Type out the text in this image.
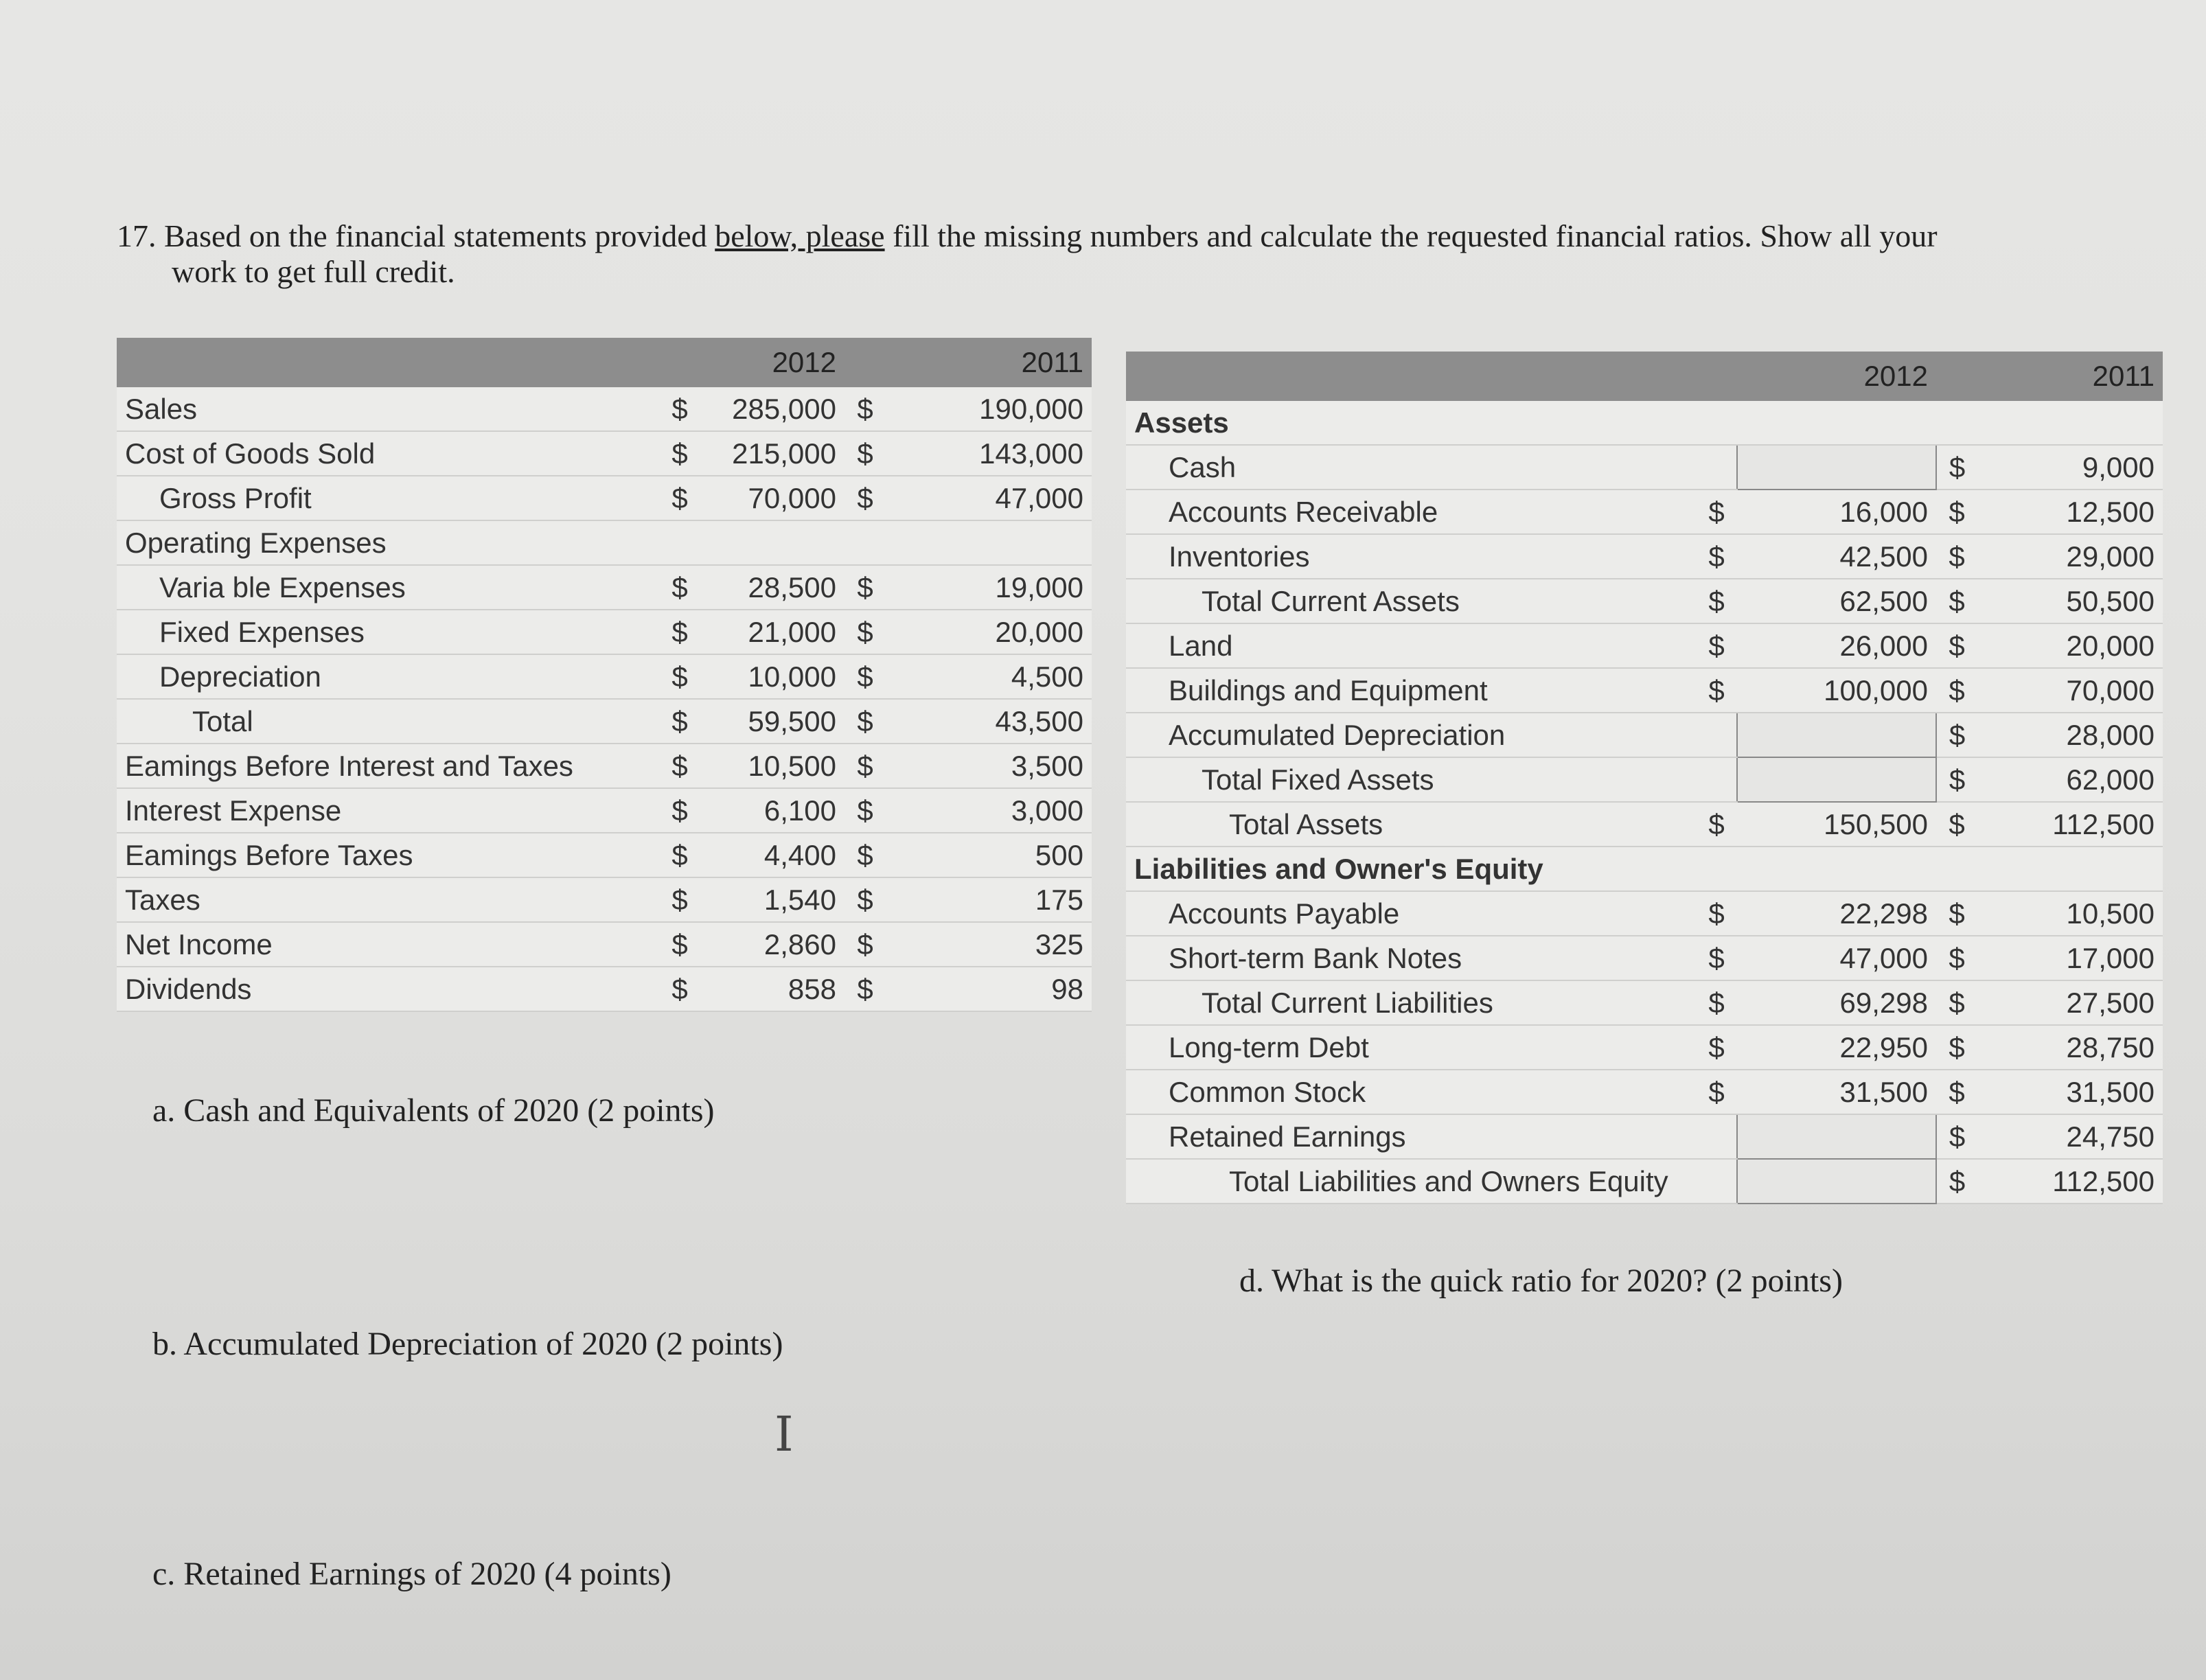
17. Based on the financial statements provided below, please fill the missing numbers and calculate the requested financial ratios. Show all your
work to get full credit.
		2012		2011
Sales	$	285,000	$	190,000
Cost of Goods Sold	$	215,000	$	143,000
Gross Profit	$	70,000	$	47,000
Operating Expenses				
Varia ble Expenses	$	28,500	$	19,000
Fixed Expenses	$	21,000	$	20,000
Depreciation	$	10,000	$	4,500
Total	$	59,500	$	43,500
Eamings Before Interest and Taxes	$	10,500	$	3,500
Interest Expense	$	6,100	$	3,000
Eamings Before Taxes	$	4,400	$	500
Taxes	$	1,540	$	175
Net Income	$	2,860	$	325
Dividends	$	858	$	98
		2012		2011
Assets				
Cash			$	9,000
Accounts Receivable	$	16,000	$	12,500
Inventories	$	42,500	$	29,000
Total Current Assets	$	62,500	$	50,500
Land	$	26,000	$	20,000
Buildings and Equipment	$	100,000	$	70,000
Accumulated Depreciation			$	28,000
Total Fixed Assets			$	62,000
Total Assets	$	150,500	$	112,500
Liabilities and Owner's Equity				
Accounts Payable	$	22,298	$	10,500
Short-term Bank Notes	$	47,000	$	17,000
Total Current Liabilities	$	69,298	$	27,500
Long-term Debt	$	22,950	$	28,750
Common Stock	$	31,500	$	31,500
Retained Earnings			$	24,750
Total Liabilities and Owners Equity			$	112,500
a. Cash and Equivalents of 2020 (2 points)
b. Accumulated Depreciation of 2020 (2 points)
c. Retained Earnings of 2020 (4 points)
d. What is the quick ratio for 2020? (2 points)
I
